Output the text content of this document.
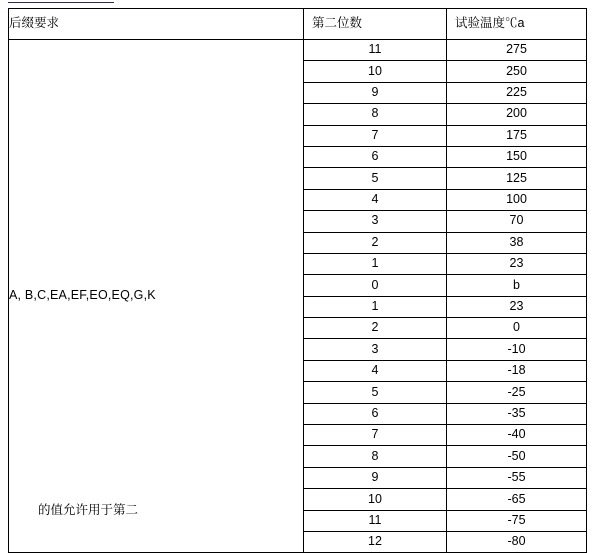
后缀要求	第二位数	试验温度℃a
A, B,C,EA,EF,EO,EQ,G,K	11	275
	10	250
	9	225
	8	200
	7	175
	6	150
	5	125
	4	100
	3	70
	2	38
	1	23
	0	b
	1	23
	2	0
	3	-10
	4	-18
	5	-25
	6	-35
	7	-40
	8	-50
	9	-55
	10	-65
	11	-75
	12	-80
的值允许用于第二
